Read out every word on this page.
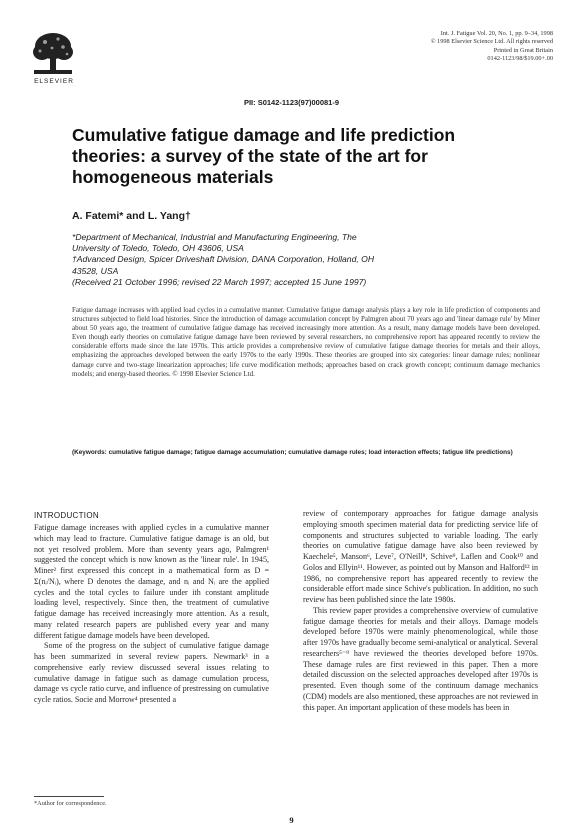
ELSEVIER
Int. J. Fatigue Vol. 20, No. 1, pp. 9–34, 1998
© 1998 Elsevier Science Ltd. All rights reserved
Printed in Great Britain
0142-1123/98/$19.00+.00
PII: S0142-1123(97)00081-9
Cumulative fatigue damage and life prediction theories: a survey of the state of the art for homogeneous materials
A. Fatemi* and L. Yang†
*Department of Mechanical, Industrial and Manufacturing Engineering, The
University of Toledo, Toledo, OH 43606, USA
†Advanced Design, Spicer Driveshaft Division, DANA Corporation, Holland, OH
43528, USA
(Received 21 October 1996; revised 22 March 1997; accepted 15 June 1997)
Fatigue damage increases with applied load cycles in a cumulative manner. Cumulative fatigue damage analysis plays a key role in life prediction of components and structures subjected to field load histories. Since the introduction of damage accumulation concept by Palmgren about 70 years ago and 'linear damage rule' by Miner about 50 years ago, the treatment of cumulative fatigue damage has received increasingly more attention. As a result, many damage models have been developed. Even though early theories on cumulative fatigue damage have been reviewed by several researchers, no comprehensive report has appeared recently to review the considerable efforts made since the late 1970s. This article provides a comprehensive review of cumulative fatigue damage theories for metals and their alloys, emphasizing the approaches developed between the early 1970s to the early 1990s. These theories are grouped into six categories: linear damage rules; nonlinear damage curve and two-stage linearization approaches; life curve modification methods; approaches based on crack growth concept; continuum damage mechanics models; and energy-based theories. © 1998 Elsevier Science Ltd.
(Keywords: cumulative fatigue damage; fatigue damage accumulation; cumulative damage rules; load interaction effects; fatigue life predictions)
INTRODUCTION

Fatigue damage increases with applied cycles in a cumulative manner which may lead to fracture. Cumulative fatigue damage is an old, but not yet resolved problem. More than seventy years ago, Palmgren¹ suggested the concept which is now known as the 'linear rule'. In 1945, Miner² first expressed this concept in a mathematical form as D = Σ(nᵢ/Nᵢ), where D denotes the damage, and nᵢ and Nᵢ are the applied cycles and the total cycles to failure under ith constant amplitude loading level, respectively. Since then, the treatment of cumulative fatigue damage has received increasingly more attention. As a result, many related research papers are published every year and many different fatigue damage models have been developed.

Some of the progress on the subject of cumulative fatigue damage has been summarized in several review papers. Newmark³ in a comprehensive early review discussed several issues relating to cumulative damage in fatigue such as damage cumulation process, damage vs cycle ratio curve, and influence of prestressing on cumulative cycle ratios. Socie and Morrow⁴ presented a

review of contemporary approaches for fatigue damage analysis employing smooth specimen material data for predicting service life of components and structures subjected to variable loading. The early theories on cumulative fatigue damage have also been reviewed by Kaechele⁵, Manson⁶, Leve⁷, O'Neill⁸, Schive⁹, Laflen and Cook¹⁰ and Golos and Ellyin¹¹. However, as pointed out by Manson and Halford¹² in 1986, no comprehensive report has appeared recently to review the considerable effort made since Schive's publication. In addition, no such review has been published since the late 1980s.

This review paper provides a comprehensive overview of cumulative fatigue damage theories for metals and their alloys. Damage models developed before 1970s were mainly phenomenological, while those after 1970s have gradually become semi-analytical or analytical. Several researchers⁵⁻⁹ have reviewed the theories developed before 1970s. These damage rules are first reviewed in this paper. Then a more detailed discussion on the selected approaches developed after 1970s is presented. Even though some of the continuum damage mechanics (CDM) models are also mentioned, these approaches are not reviewed in this paper. An important application of these models has been in

*Author for correspondence.
9
